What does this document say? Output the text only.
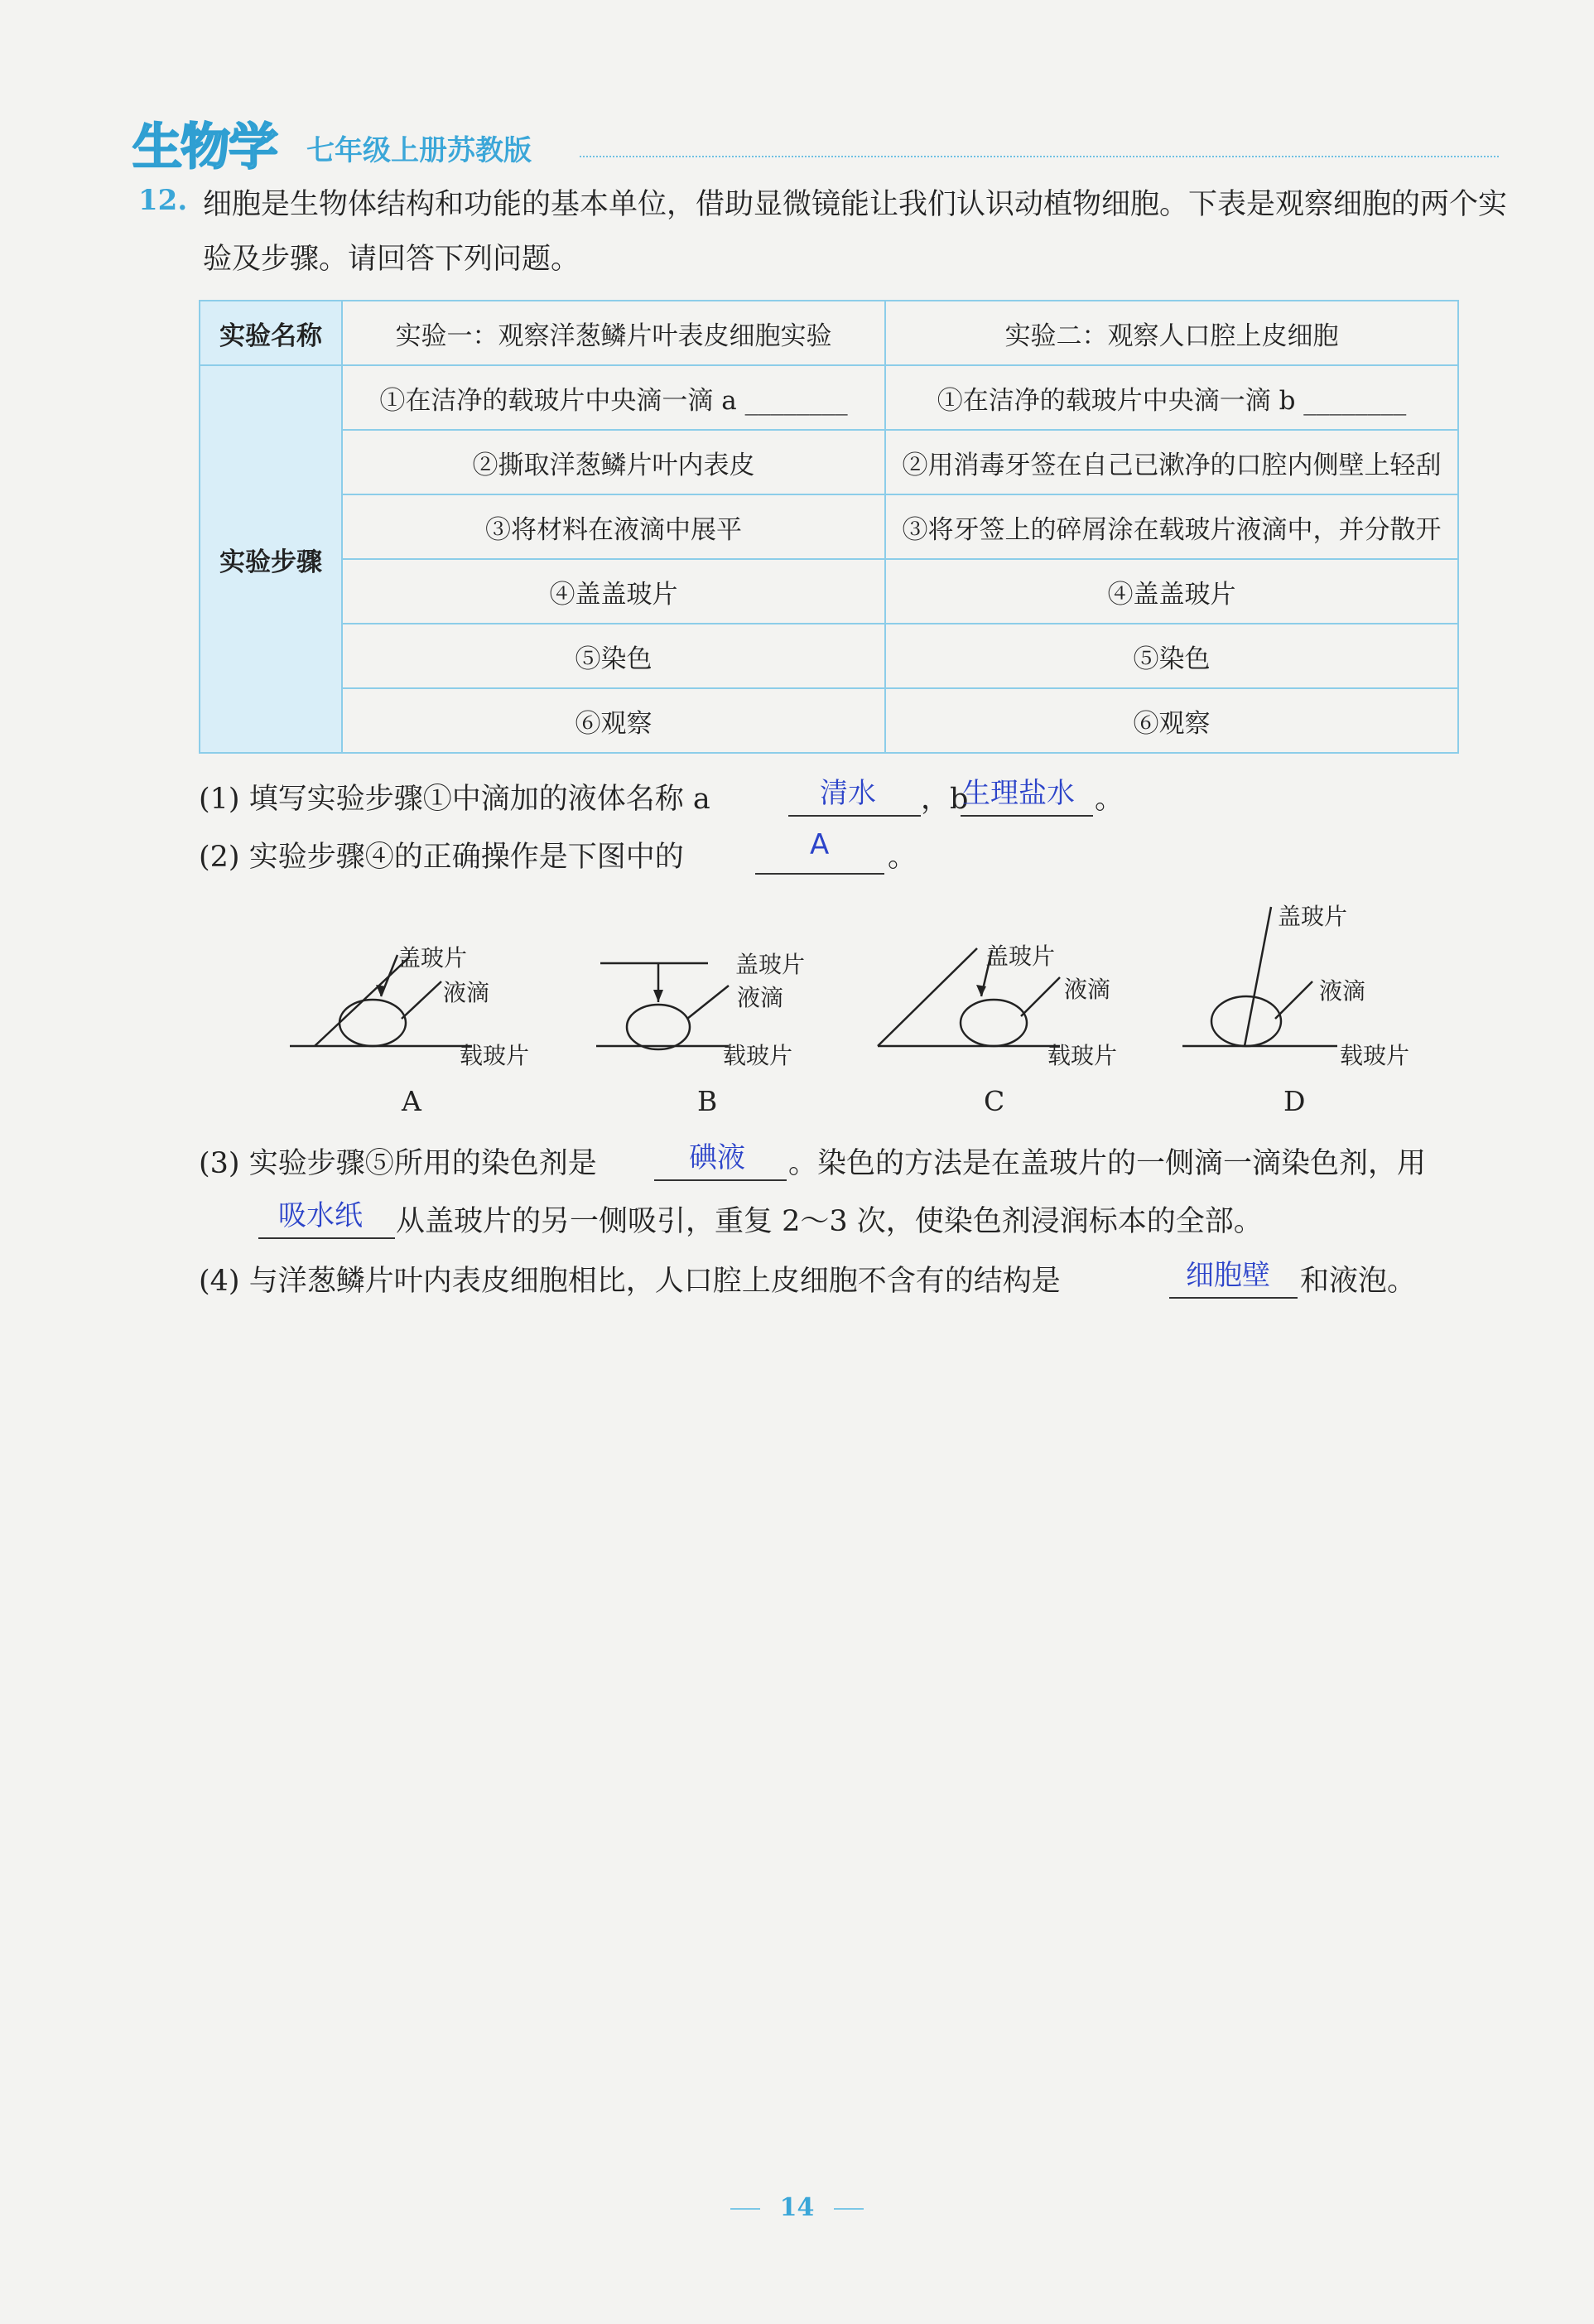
生物学 七年级上册苏教版
12. 细胞是生物体结构和功能的基本单位，借助显微镜能让我们认识动植物细胞。下表是观察细胞的两个实验及步骤。请回答下列问题。
实验名称	实验一：观察洋葱鳞片叶表皮细胞实验	实验二：观察人口腔上皮细胞
实验步骤	①在洁净的载玻片中央滴一滴 a ________	①在洁净的载玻片中央滴一滴 b ________
	②撕取洋葱鳞片叶内表皮	②用消毒牙签在自己已漱净的口腔内侧壁上轻刮
	③将材料在液滴中展平	③将牙签上的碎屑涂在载玻片液滴中，并分散开
	④盖盖玻片	④盖盖玻片
	⑤染色	⑤染色
	⑥观察	⑥观察
(1) 填写实验步骤①中滴加的液体名称 a	清水 ，b
生理盐水 。
(2) 实验步骤④的正确操作是下图中的	A 。
盖玻片
液滴
载玻片
A
盖玻片
液滴
载玻片
B
盖玻片
液滴
载玻片
C
盖玻片
液滴
载玻片
D
(3) 实验步骤⑤所用的染色剂是	碘液 。染色的方法是在盖玻片的一侧滴一滴染色剂，用
吸水纸 从盖玻片的另一侧吸引，重复 2～3 次，使染色剂浸润标本的全部。
(4) 与洋葱鳞片叶内表皮细胞相比，人口腔上皮细胞不含有的结构是	细胞壁 和液泡。
14
